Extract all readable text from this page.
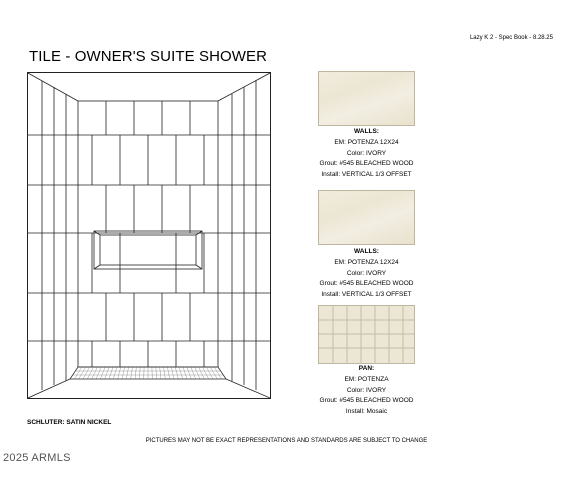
Lazy K 2 - Spec Book - 8.28.25
TILE - OWNER'S SUITE SHOWER
WALLS:
EM: POTENZA 12X24
Color: IVORY
Grout: #545 BLEACHED WOOD
Install: VERTICAL 1/3 OFFSET
WALLS:
EM: POTENZA 12X24
Color: IVORY
Grout: #545 BLEACHED WOOD
Install: VERTICAL 1/3 OFFSET
PAN:
EM: POTENZA
Color: IVORY
Grout: #545 BLEACHED WOOD
Install: Mosaic
SCHLUTER: SATIN NICKEL
PICTURES MAY NOT BE EXACT REPRESENTATIONS AND STANDARDS ARE SUBJECT TO CHANGE
2025 ARMLS
